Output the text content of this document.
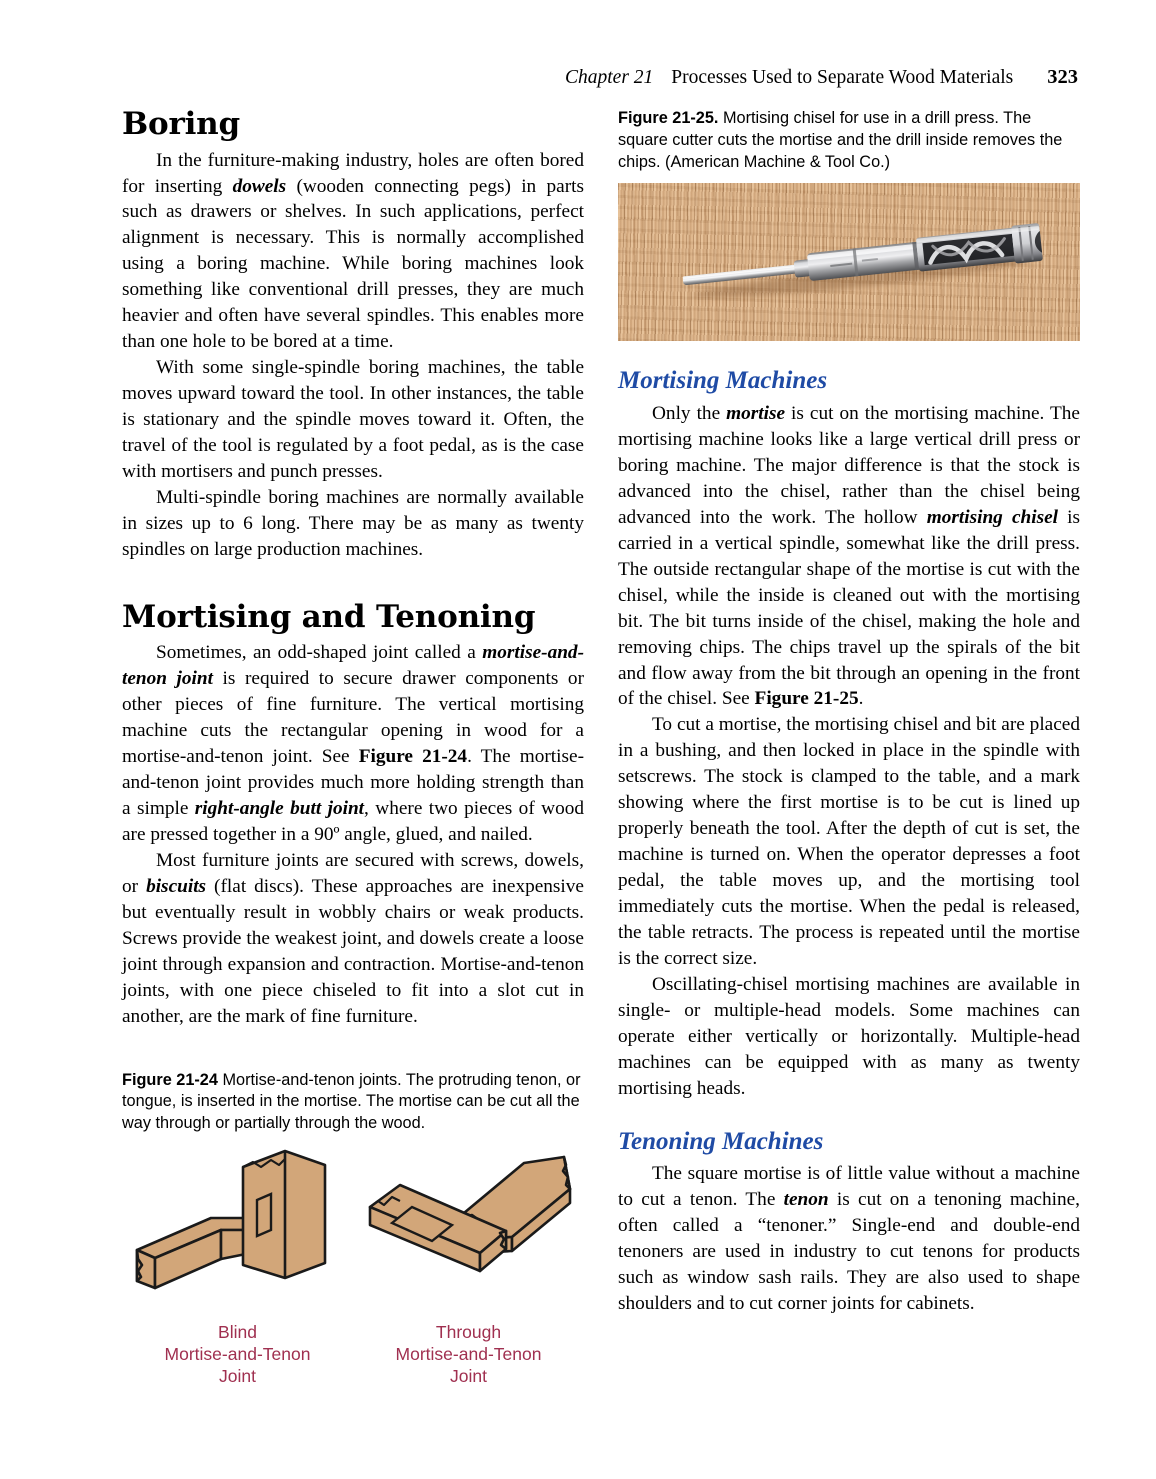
Chapter 21 Processes Used to Separate Wood Materials 323
Boring

In the furniture-making industry, holes are often bored for inserting dowels (wooden connecting pegs) in parts such as drawers or shelves. In such applications, perfect alignment is necessary. This is normally accomplished using a boring machine. While boring machines look something like conventional drill presses, they are much heavier and often have several spindles. This enables more than one hole to be bored at a time.

With some single-spindle boring machines, the table moves upward toward the tool. In other instances, the table is stationary and the spindle moves toward it. Often, the travel of the tool is regulated by a foot pedal, as is the case with mortisers and punch presses.

Multi-spindle boring machines are normally available in sizes up to 6 long. There may be as many as twenty spindles on large production machines.

Mortising and Tenoning

Sometimes, an odd-shaped joint called a mortise-and-tenon joint is required to secure drawer components or other pieces of fine furniture. The vertical mortising machine cuts the rectangular opening in wood for a mortise-and-tenon joint. See Figure 21-24. The mortise-and-tenon joint provides much more holding strength than a simple right-angle butt joint, where two pieces of wood are pressed together in a 90º angle, glued, and nailed.

Most furniture joints are secured with screws, dowels, or biscuits (flat discs). These approaches are inexpensive but eventually result in wobbly chairs or weak products. Screws provide the weakest joint, and dowels create a loose joint through expansion and contraction. Mortise-and-tenon joints, with one piece chiseled to fit into a slot cut in another, are the mark of fine furniture.

Figure 21-24 Mortise-and-tenon joints. The protruding tenon, or tongue, is inserted in the mortise. The mortise can be cut all the way through or partially through the wood.

Blind
Mortise-and-Tenon
Joint
Through
Mortise-and-Tenon
Joint

Figure 21-25. Mortising chisel for use in a drill press. The square cutter cuts the mortise and the drill inside removes the chips. (American Machine & Tool Co.)

Mortising Machines

Only the mortise is cut on the mortising machine. The mortising machine looks like a large vertical drill press or boring machine. The major difference is that the stock is advanced into the chisel, rather than the chisel being advanced into the work. The hollow mortising chisel is carried in a vertical spindle, somewhat like the drill press. The outside rectangular shape of the mortise is cut with the chisel, while the inside is cleaned out with the mortising bit. The bit turns inside of the chisel, making the hole and removing chips. The chips travel up the spirals of the bit and flow away from the bit through an opening in the front of the chisel. See Figure 21-25.

To cut a mortise, the mortising chisel and bit are placed in a bushing, and then locked in place in the spindle with setscrews. The stock is clamped to the table, and a mark showing where the first mortise is to be cut is lined up properly beneath the tool. After the depth of cut is set, the machine is turned on. When the operator depresses a foot pedal, the table moves up, and the mortising tool immediately cuts the mortise. When the pedal is released, the table retracts. The process is repeated until the mortise is the correct size.

Oscillating-chisel mortising machines are available in single- or multiple-head models. Some machines can operate either vertically or horizontally. Multiple-head machines can be equipped with as many as twenty mortising heads.

Tenoning Machines

The square mortise is of little value without a machine to cut a tenon. The tenon is cut on a tenoning machine, often called a “tenoner.” Single-end and double-end tenoners are used in industry to cut tenons for products such as window sash rails. They are also used to shape shoulders and to cut corner joints for cabinets.
